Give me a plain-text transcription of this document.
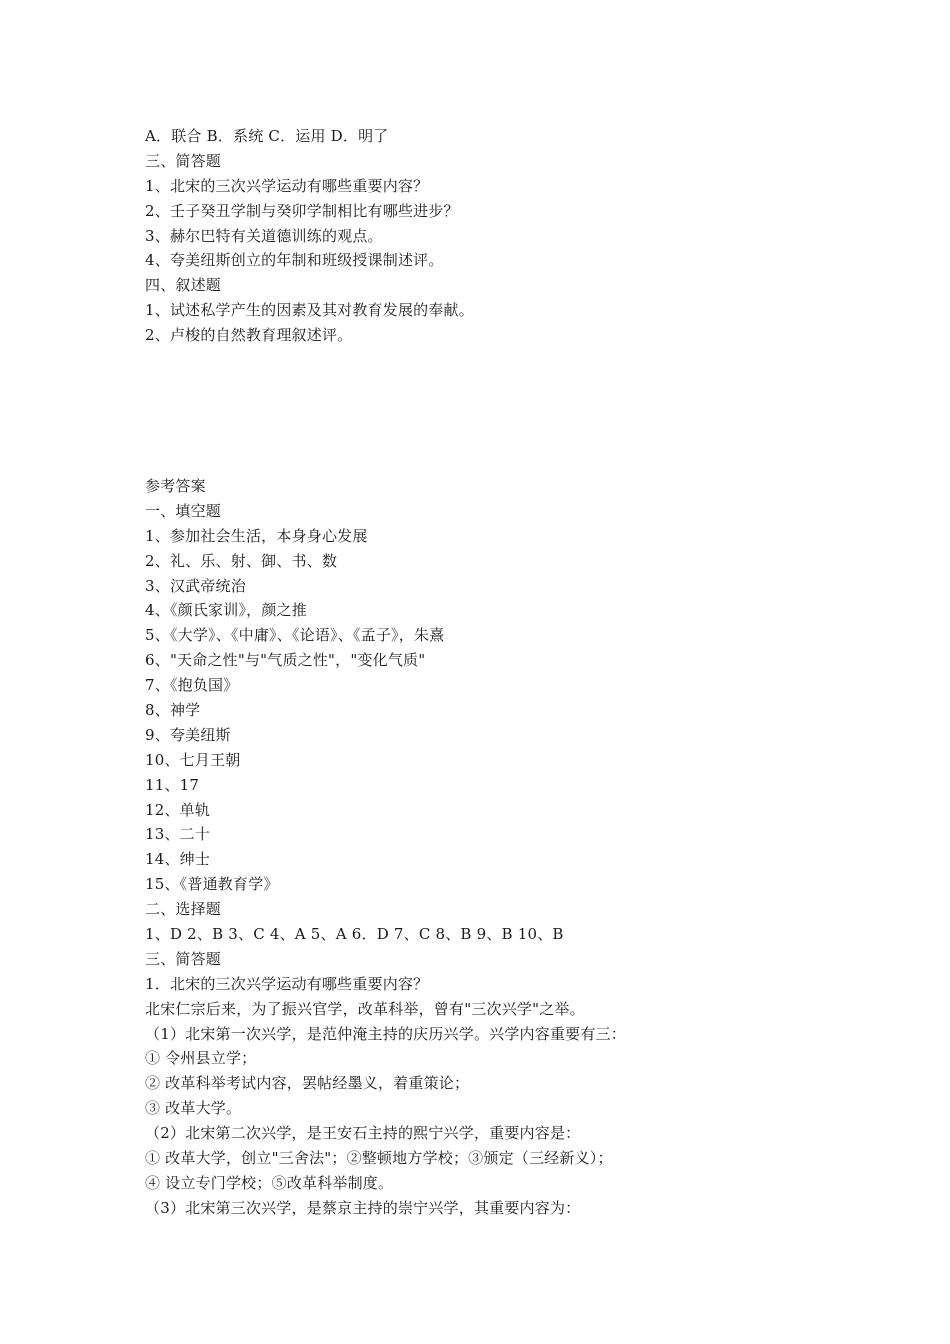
A．联合 B．系统 C．运用 D．明了
三、简答题
1、北宋的三次兴学运动有哪些重要内容？
2、壬子癸丑学制与癸卯学制相比有哪些进步？
3、赫尔巴特有关道德训练的观点。
4、夸美纽斯创立的年制和班级授课制述评。
四、叙述题
1、试述私学产生的因素及其对教育发展的奉献。
2、卢梭的自然教育理叙述评。
参考答案
一、填空题
1、参加社会生活，本身身心发展
2、礼、乐、射、御、书、数
3、汉武帝统治
4、《颜氏家训》，颜之推
5、《大学》、《中庸》、《论语》、《孟子》，朱熹
6、"天命之性"与"气质之性"，"变化气质"
7、《抱负国》
8、神学
9、夸美纽斯
10、七月王朝
11、17
12、单轨
13、二十
14、绅士
15、《普通教育学》
二、选择题
1、D 2、B 3、C 4、A 5、A 6．D 7、C 8、B 9、B 10、B
三、简答题
1．北宋的三次兴学运动有哪些重要内容？
北宋仁宗后来，为了振兴官学，改革科举，曾有"三次兴学"之举。
（1）北宋第一次兴学，是范仲淹主持的庆历兴学。兴学内容重要有三：
① 令州县立学；
② 改革科举考试内容，罢帖经墨义，着重策论；
③ 改革大学。
（2）北宋第二次兴学，是王安石主持的熙宁兴学，重要内容是：
① 改革大学，创立"三舍法"；②整顿地方学校；③颁定（三经新义）；
④ 设立专门学校；⑤改革科举制度。
（3）北宋第三次兴学，是蔡京主持的崇宁兴学，其重要内容为：
